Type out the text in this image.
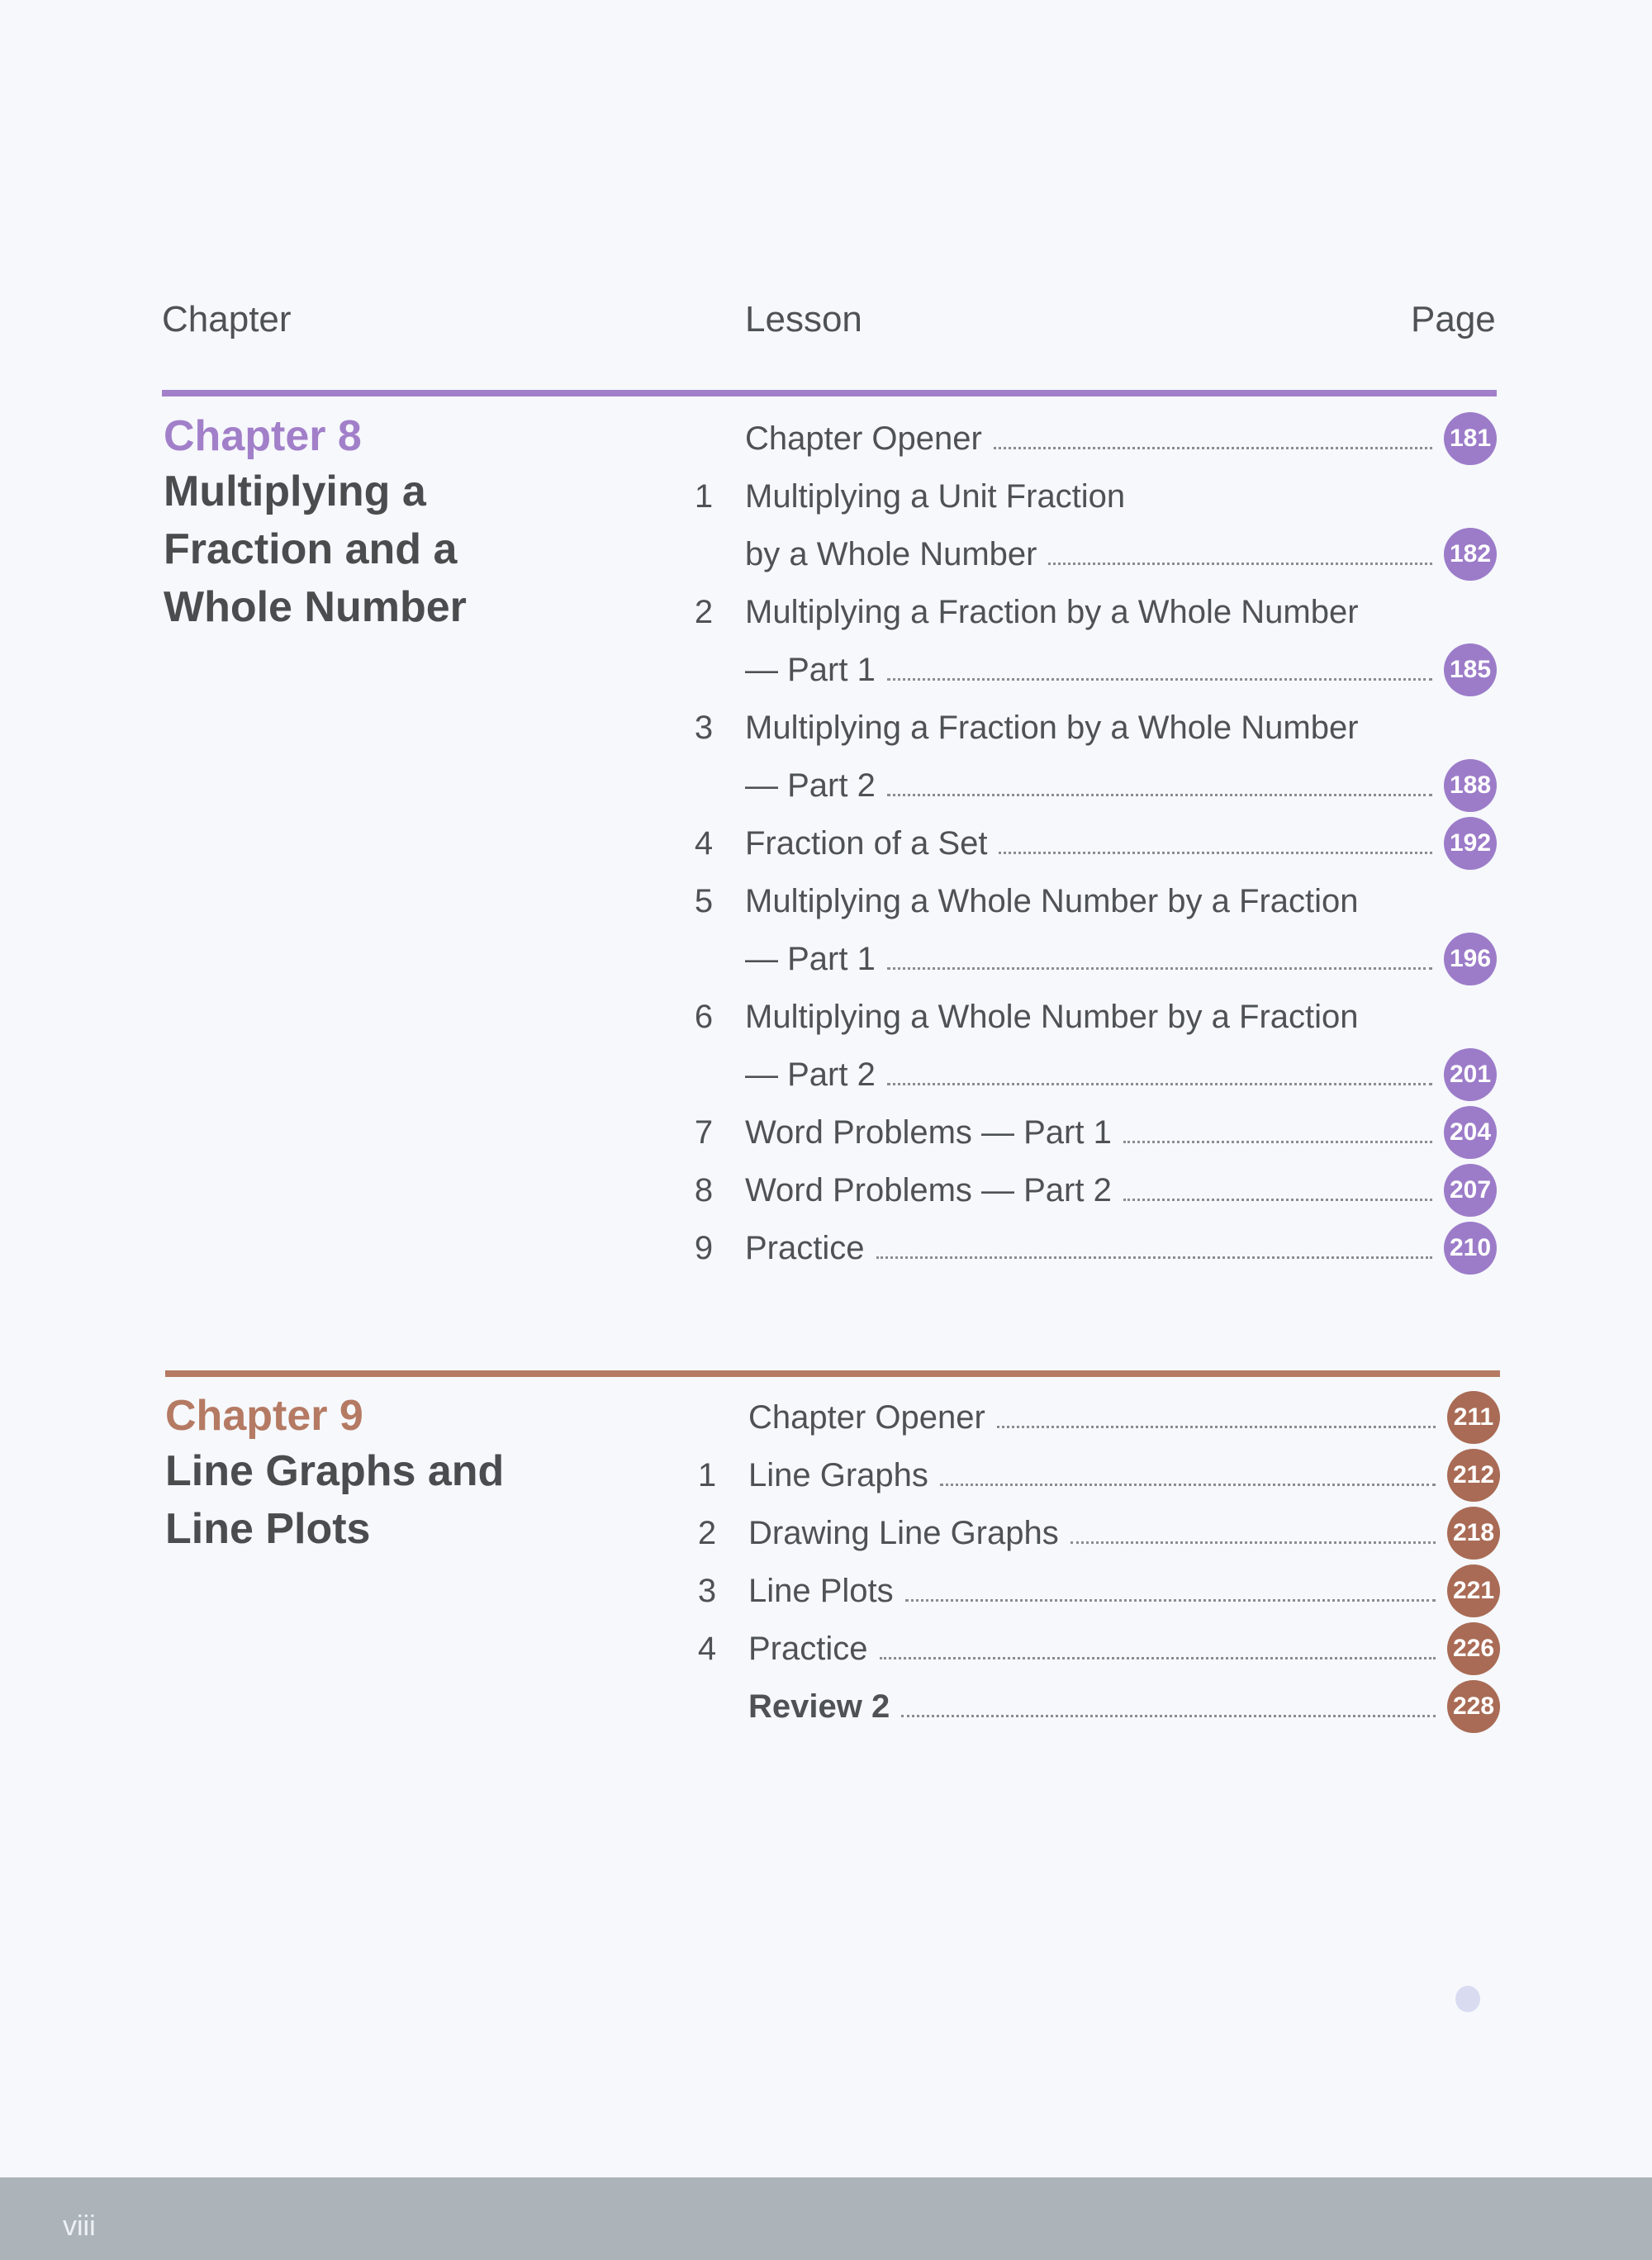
Chapter	Lesson	Page
Chapter 8
Multiplying a
Fraction and a
Whole Number
Chapter Opener	181
1 Multiplying a Unit Fraction
by a Whole Number	182
2 Multiplying a Fraction by a Whole Number
— Part 1	185
3 Multiplying a Fraction by a Whole Number
— Part 2	188
4 Fraction of a Set	192
5 Multiplying a Whole Number by a Fraction
— Part 1	196
6 Multiplying a Whole Number by a Fraction
— Part 2	201
7 Word Problems — Part 1	204
8 Word Problems — Part 2	207
9 Practice	210
Chapter 9
Line Graphs and
Line Plots
Chapter Opener	211
1 Line Graphs	212
2 Drawing Line Graphs	218
3 Line Plots	221
4 Practice	226
Review 2	228
viii
